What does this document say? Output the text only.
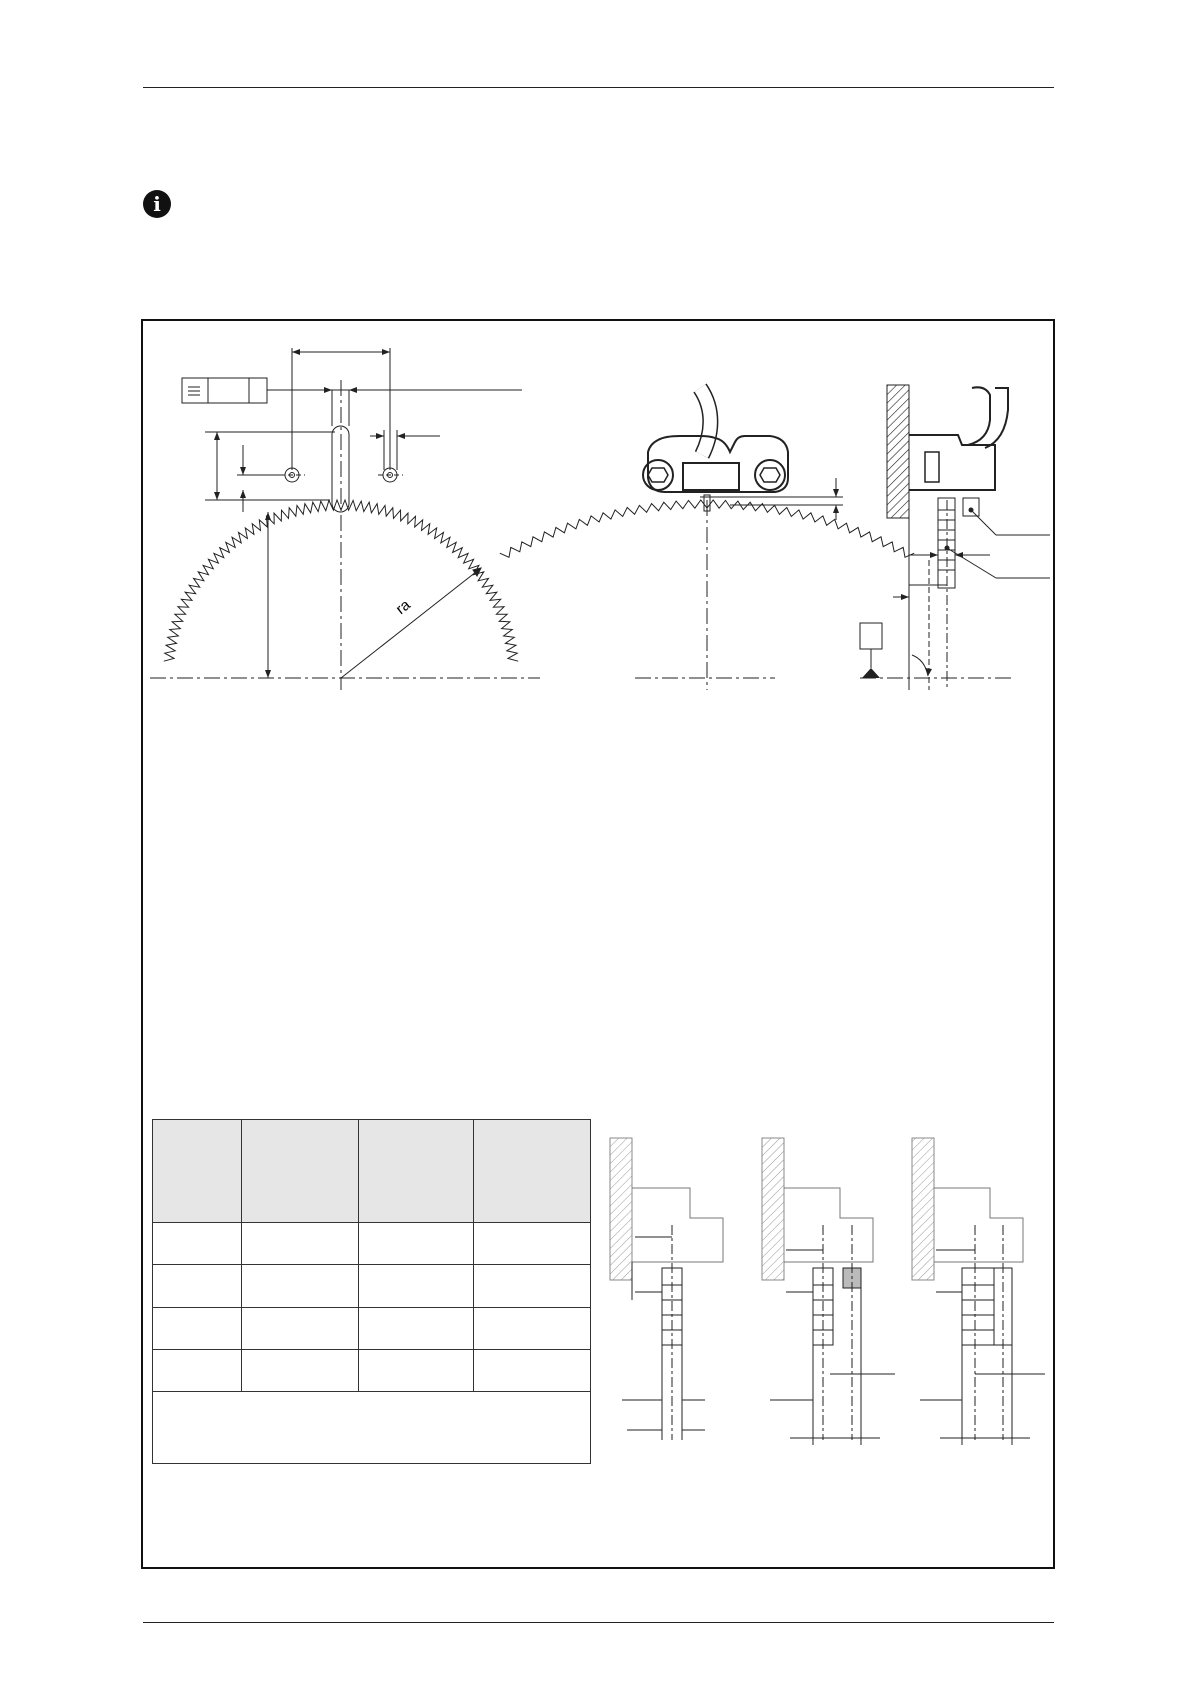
i
ra
